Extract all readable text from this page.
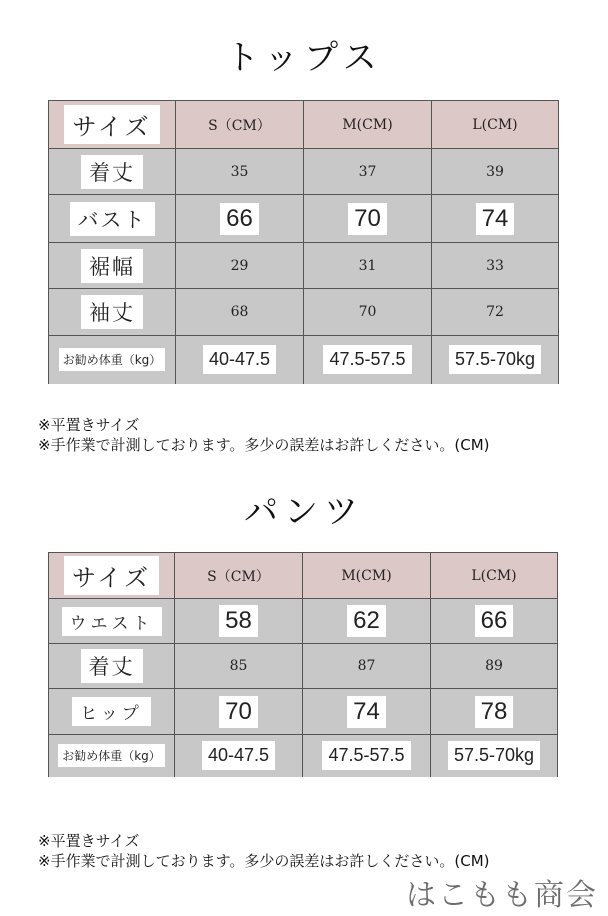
トップス
サイズ	S（CM）	M(CM)	L(CM)
着丈	35	37	39
バスト	66	70	74
裾幅	29	31	33
袖丈	68	70	72
お勧め体重（kg）	40-47.5	47.5-57.5	57.5-70kg
※平置きサイズ
※手作業で計測しております。多少の誤差はお許しください。(CM)
パンツ
サイズ	S（CM）	M(CM)	L(CM)
ウエスト	58	62	66
着丈	85	87	89
ヒップ	70	74	78
お勧め体重（kg）	40-47.5	47.5-57.5	57.5-70kg
※平置きサイズ
※手作業で計測しております。多少の誤差はお許しください。(CM)
はこもも商会
